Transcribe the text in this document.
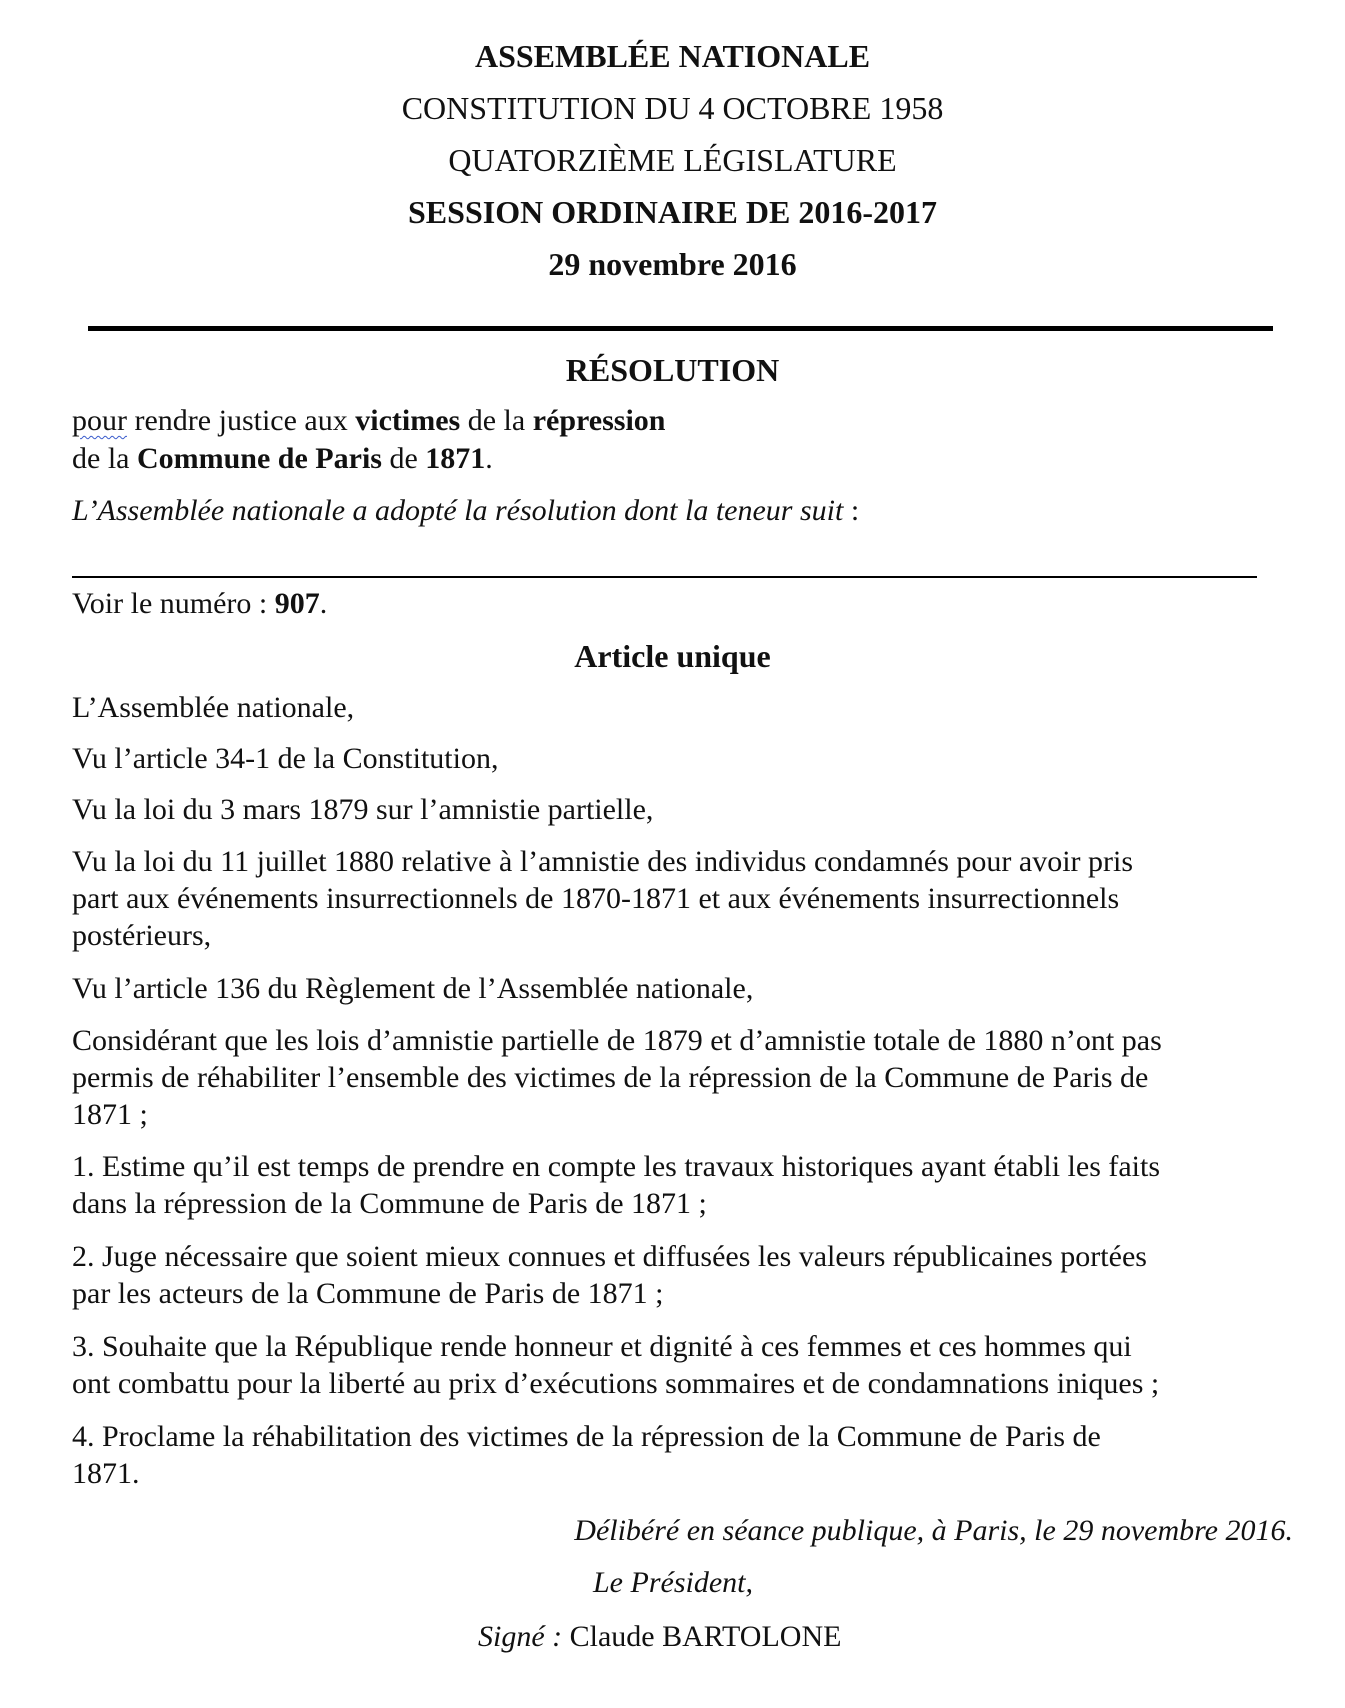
ASSEMBLÉE NATIONALE
CONSTITUTION DU 4 OCTOBRE 1958
QUATORZIÈME LÉGISLATURE
SESSION ORDINAIRE DE 2016-2017
29 novembre 2016
RÉSOLUTION
pour rendre justice aux victimes de la répression
de la Commune de Paris de 1871.
L’Assemblée nationale a adopté la résolution dont la teneur suit :
Voir le numéro : 907.
Article unique
L’Assemblée nationale,
Vu l’article 34-1 de la Constitution,
Vu la loi du 3 mars 1879 sur l’amnistie partielle,
Vu la loi du 11 juillet 1880 relative à l’amnistie des individus condamnés pour avoir pris
part aux événements insurrectionnels de 1870-1871 et aux événements insurrectionnels
postérieurs,
Vu l’article 136 du Règlement de l’Assemblée nationale,
Considérant que les lois d’amnistie partielle de 1879 et d’amnistie totale de 1880 n’ont pas
permis de réhabiliter l’ensemble des victimes de la répression de la Commune de Paris de
1871 ;
1. Estime qu’il est temps de prendre en compte les travaux historiques ayant établi les faits
dans la répression de la Commune de Paris de 1871 ;
2. Juge nécessaire que soient mieux connues et diffusées les valeurs républicaines portées
par les acteurs de la Commune de Paris de 1871 ;
3. Souhaite que la République rende honneur et dignité à ces femmes et ces hommes qui
ont combattu pour la liberté au prix d’exécutions sommaires et de condamnations iniques ;
4. Proclame la réhabilitation des victimes de la répression de la Commune de Paris de
1871.
Délibéré en séance publique, à Paris, le 29 novembre 2016.
Le Président,
Signé : Claude BARTOLONE
